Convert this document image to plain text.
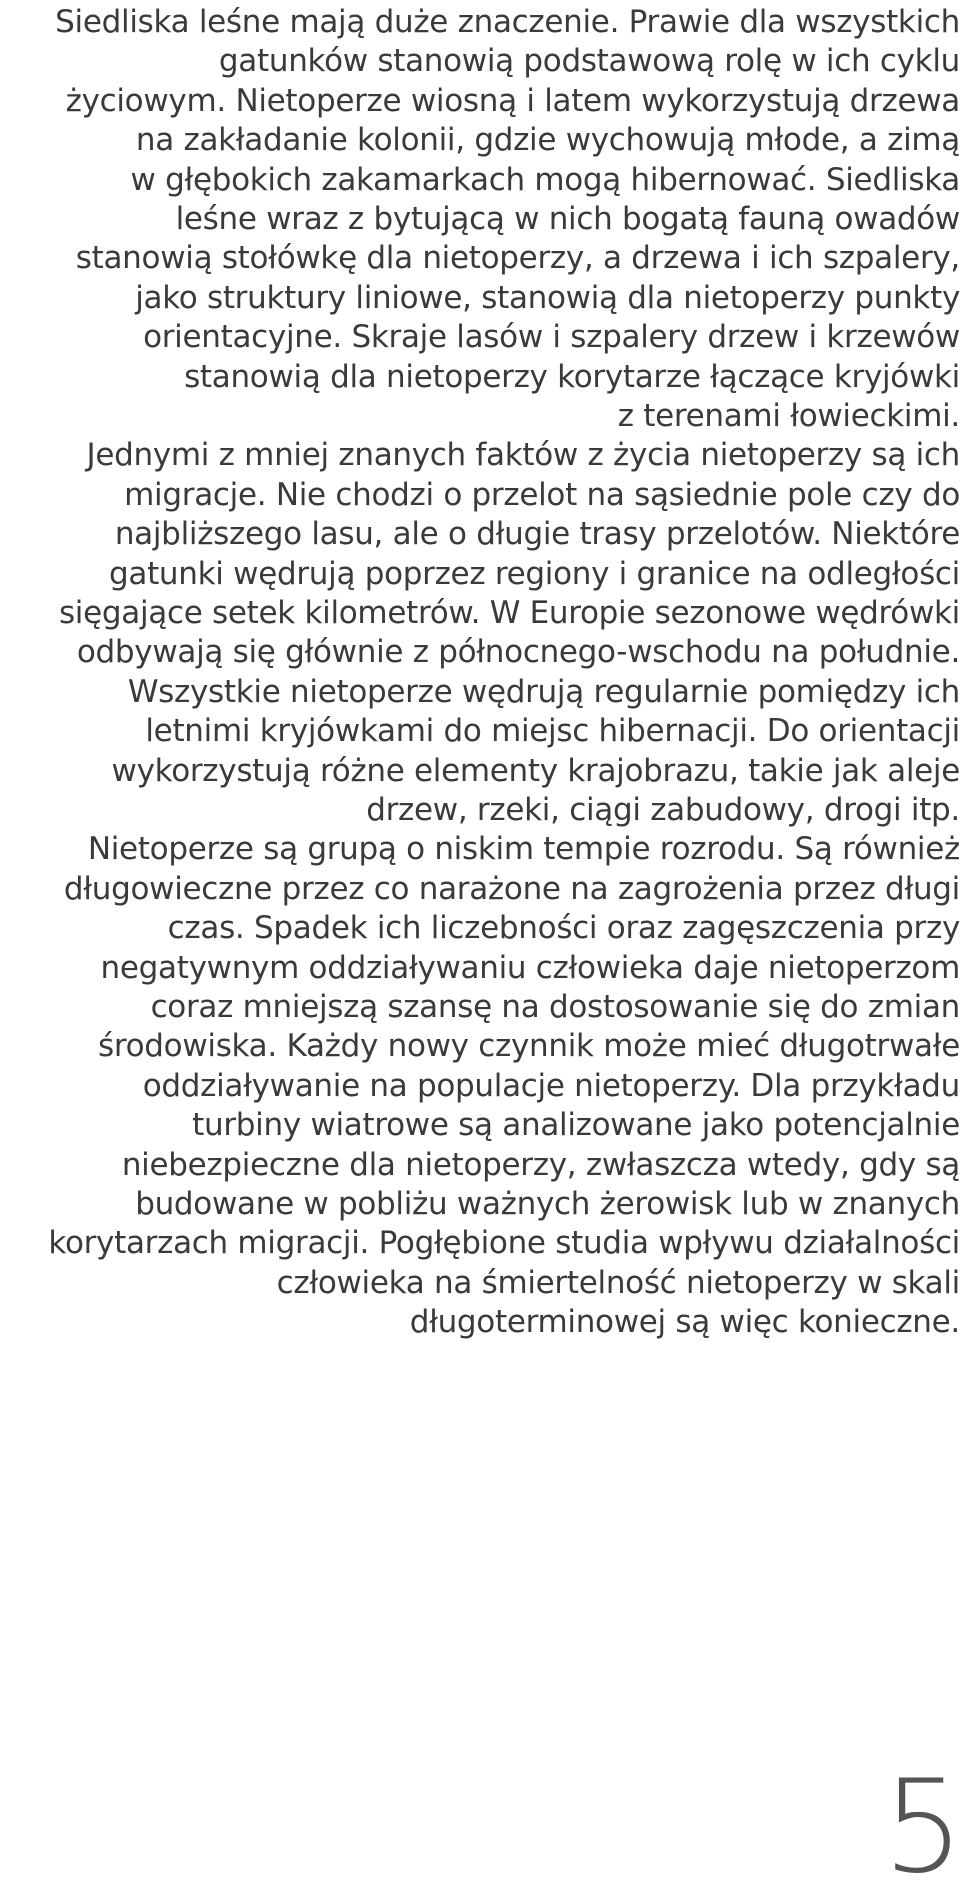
Siedliska leśne mają duże znaczenie. Prawie dla wszystkich
gatunków stanowią podstawową rolę w ich cyklu
życiowym. Nietoperze wiosną i latem wykorzystują drzewa
na zakładanie kolonii, gdzie wychowują młode, a zimą
w głębokich zakamarkach mogą hibernować. Siedliska
leśne wraz z bytującą w nich bogatą fauną owadów
stanowią stołówkę dla nietoperzy, a drzewa i ich szpalery,
jako struktury liniowe, stanowią dla nietoperzy punkty
orientacyjne. Skraje lasów i szpalery drzew i krzewów
stanowią dla nietoperzy korytarze łączące kryjówki
z terenami łowieckimi.
Jednymi z mniej znanych faktów z życia nietoperzy są ich
migracje. Nie chodzi o przelot na sąsiednie pole czy do
najbliższego lasu, ale o długie trasy przelotów. Niektóre
gatunki wędrują poprzez regiony i granice na odległości
sięgające setek kilometrów. W Europie sezonowe wędrówki
odbywają się głównie z północnego-wschodu na południe.
Wszystkie nietoperze wędrują regularnie pomiędzy ich
letnimi kryjówkami do miejsc hibernacji. Do orientacji
wykorzystują różne elementy krajobrazu, takie jak aleje
drzew, rzeki, ciągi zabudowy, drogi itp.
Nietoperze są grupą o niskim tempie rozrodu. Są również
długowieczne przez co narażone na zagrożenia przez długi
czas. Spadek ich liczebności oraz zagęszczenia przy
negatywnym oddziaływaniu człowieka daje nietoperzom
coraz mniejszą szansę na dostosowanie się do zmian
środowiska. Każdy nowy czynnik może mieć długotrwałe
oddziaływanie na populacje nietoperzy. Dla przykładu
turbiny wiatrowe są analizowane jako potencjalnie
niebezpieczne dla nietoperzy, zwłaszcza wtedy, gdy są
budowane w pobliżu ważnych żerowisk lub w znanych
korytarzach migracji. Pogłębione studia wpływu działalności
człowieka na śmiertelność nietoperzy w skali
długoterminowej są więc konieczne.
5
